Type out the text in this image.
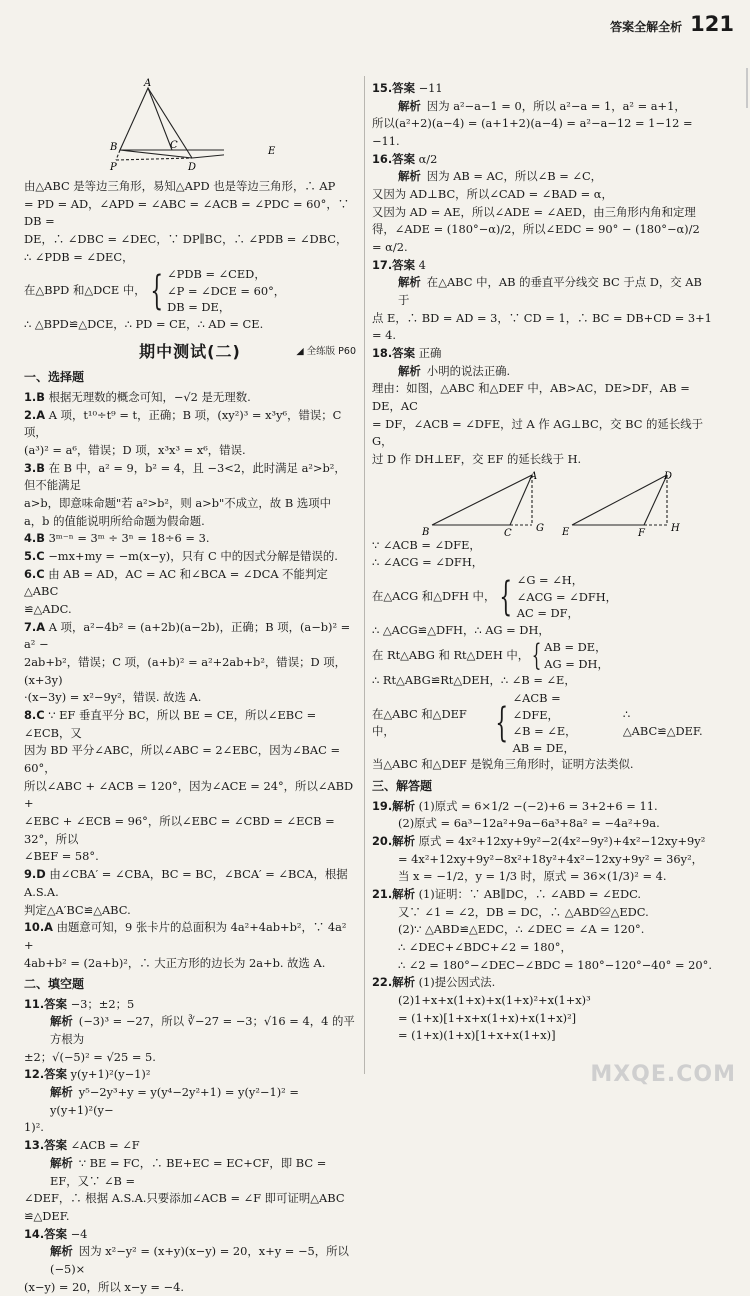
答案全解全析 121
A
B	C
D
P
E

由△ABC 是等边三角形，易知△APD 也是等边三角形，∴ AP

= PD = AD，∠APD = ∠ABC = ∠ACB = ∠PDC = 60°，∵ DB =

DE，∴ ∠DBC = ∠DEC，∵ DP∥BC，∴ ∠PDB = ∠DBC，

∴ ∠PDB = ∠DEC，

在△BPD 和△DCE 中， { ∠PDB = ∠CED，
∠P = ∠DCE = 60°，
DB = DE，

∴ △BPD≌△DCE，∴ PD = CE，∴ AD = CE.

期中测试(二)	◢ 全练版 P60
一、选择题

1.B 根据无理数的概念可知，−√2 是无理数.

2.A A 项，t¹⁰÷t⁹ = t，正确；B 项，(xy²)³ = x³y⁶，错误；C 项，

(a³)² = a⁶，错误；D 项，x³x³ = x⁶，错误.

3.B 在 B 中，a² = 9，b² = 4，且 −3<2，此时满足 a²>b²，但不能满足

a>b，即意味命题"若 a²>b²，则 a>b"不成立，故 B 选项中

a，b 的值能说明所给命题为假命题.

4.B 3ᵐ⁻ⁿ = 3ᵐ ÷ 3ⁿ = 18÷6 = 3.

5.C −mx+my = −m(x−y)，只有 C 中的因式分解是错误的.

6.C 由 AB = AD，AC = AC 和∠BCA = ∠DCA 不能判定△ABC

≌△ADC.

7.A A 项，a²−4b² = (a+2b)(a−2b)，正确；B 项，(a−b)² = a² −

2ab+b²，错误；C 项，(a+b)² = a²+2ab+b²，错误；D 项，(x+3y)

·(x−3y) = x²−9y²，错误. 故选 A.

8.C ∵ EF 垂直平分 BC，所以 BE = CE，所以∠EBC = ∠ECB，又

因为 BD 平分∠ABC，所以∠ABC = 2∠EBC，因为∠BAC = 60°，

所以∠ABC + ∠ACB = 120°，因为∠ACE = 24°，所以∠ABD +

∠EBC + ∠ECB = 96°，所以∠EBC = ∠CBD = ∠ECB = 32°，所以

∠BEF = 58°.

9.D 由∠CBA′ = ∠CBA，BC = BC，∠BCA′ = ∠BCA，根据 A.S.A.

判定△A′BC≌△ABC.

10.A 由题意可知，9 张卡片的总面积为 4a²+4ab+b²，∵ 4a² +

4ab+b² = (2a+b)²，∴ 大正方形的边长为 2a+b. 故选 A.

二、填空题

11.答案 −3；±2；5

解析 (−3)³ = −27，所以 ∛−27 = −3；√16 = 4，4 的平方根为

±2；√(−5)² = √25 = 5.

12.答案 y(y+1)²(y−1)²

解析 y⁵−2y³+y = y(y⁴−2y²+1) = y(y²−1)² = y(y+1)²(y−

1)².

13.答案 ∠ACB = ∠F

解析 ∵ BE = FC，∴ BE+EC = EC+CF，即 BC = EF，又∵ ∠B =

∠DEF，∴ 根据 A.S.A.只要添加∠ACB = ∠F 即可证明△ABC

≌△DEF.

14.答案 −4

解析 因为 x²−y² = (x+y)(x−y) = 20，x+y = −5，所以(−5)×

(x−y) = 20，所以 x−y = −4.

15.答案 −11

解析 因为 a²−a−1 = 0，所以 a²−a = 1，a² = a+1，

所以(a²+2)(a−4) = (a+1+2)(a−4) = a²−a−12 = 1−12 =

−11.

16.答案 α/2

解析 因为 AB = AC，所以∠B = ∠C，

又因为 AD⊥BC，所以∠CAD = ∠BAD = α，

又因为 AD = AE，所以∠ADE = ∠AED，由三角形内角和定理

得，∠ADE = (180°−α)/2，所以∠EDC = 90° − (180°−α)/2 = α/2.

17.答案 4

解析 在△ABC 中，AB 的垂直平分线交 BC 于点 D，交 AB 于

点 E，∴ BD = AD = 3，∵ CD = 1，∴ BC = DB+CD = 3+1 = 4.

18.答案 正确

解析 小明的说法正确.

理由：如图，△ABC 和△DEF 中，AB>AC，DE>DF，AB = DE，AC

= DF，∠ACB = ∠DFE，过 A 作 AG⊥BC，交 BC 的延长线于 G，

过 D 作 DH⊥EF，交 EF 的延长线于 H.

A
B	C G
D
E	F	H

∵ ∠ACB = ∠DFE，

∴ ∠ACG = ∠DFH，

在△ACG 和△DFH 中， { ∠G = ∠H，
∠ACG = ∠DFH，
AC = DF，

∴ △ACG≌△DFH，∴ AG = DH，

在 Rt△ABG 和 Rt△DEH 中， { AB = DE，
AG = DH，

∴ Rt△ABG≌Rt△DEH，∴ ∠B = ∠E，

在△ABC 和△DEF 中，	{
∠ACB = ∠DFE，
∠B = ∠E，
AB = DE，
∴ △ABC≌△DEF.

当△ABC 和△DEF 是锐角三角形时，证明方法类似.

三、解答题

19.解析 (1)原式 = 6×1/2 −(−2)+6 = 3+2+6 = 11.

(2)原式 = 6a³−12a²+9a−6a³+8a² = −4a²+9a.

20.解析 原式 = 4x²+12xy+9y²−2(4x²−9y²)+4x²−12xy+9y²

= 4x²+12xy+9y²−8x²+18y²+4x²−12xy+9y² = 36y²，

当 x = −1/2，y = 1/3 时，原式 = 36×(1/3)² = 4.

21.解析 (1)证明：∵ AB∥DC，∴ ∠ABD = ∠EDC.

又∵ ∠1 = ∠2，DB = DC，∴ △ABD≌△EDC.

(2)∵ △ABD≌△EDC，∴ ∠DEC = ∠A = 120°.

∴ ∠DEC+∠BDC+∠2 = 180°，

∴ ∠2 = 180°−∠DEC−∠BDC = 180°−120°−40° = 20°.

22.解析 (1)提公因式法.

(2)1+x+x(1+x)+x(1+x)²+x(1+x)³

= (1+x)[1+x+x(1+x)+x(1+x)²]

= (1+x)(1+x)[1+x+x(1+x)]

MXQE.COM
